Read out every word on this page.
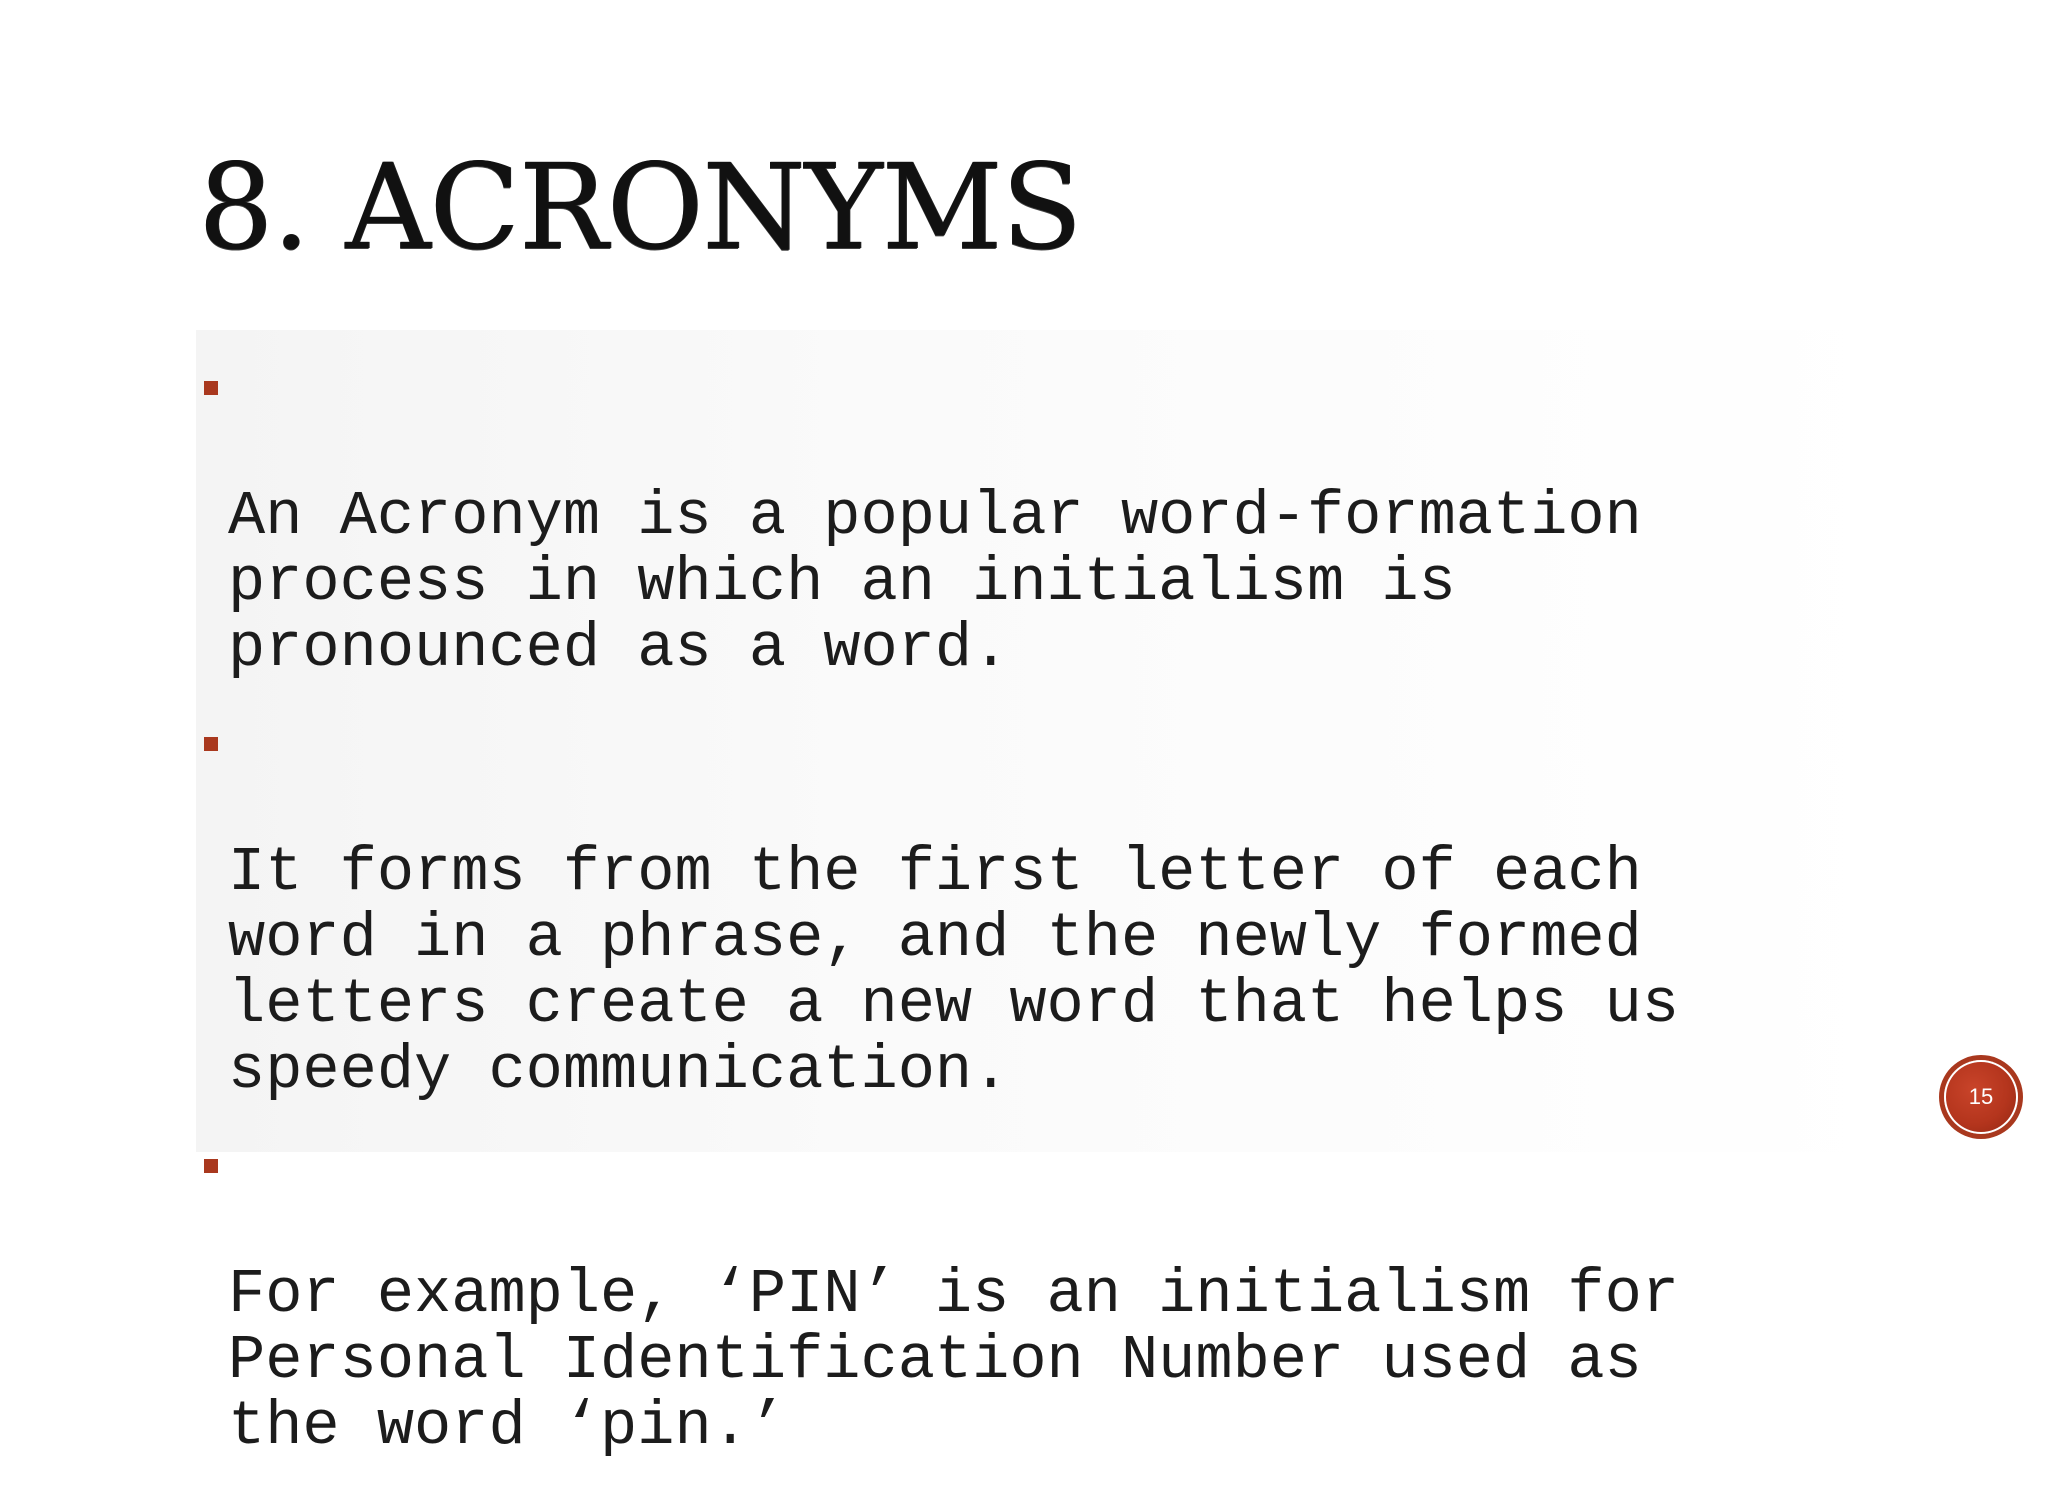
8. ACRONYMS

An Acronym is a popular word-formation
process in which an initialism is
pronounced as a word.

It forms from the first letter of each
word in a phrase, and the newly formed
letters create a new word that helps us
speedy communication.

For example, ‘PIN’ is an initialism for
Personal Identification Number used as
the word ‘pin.’

15
